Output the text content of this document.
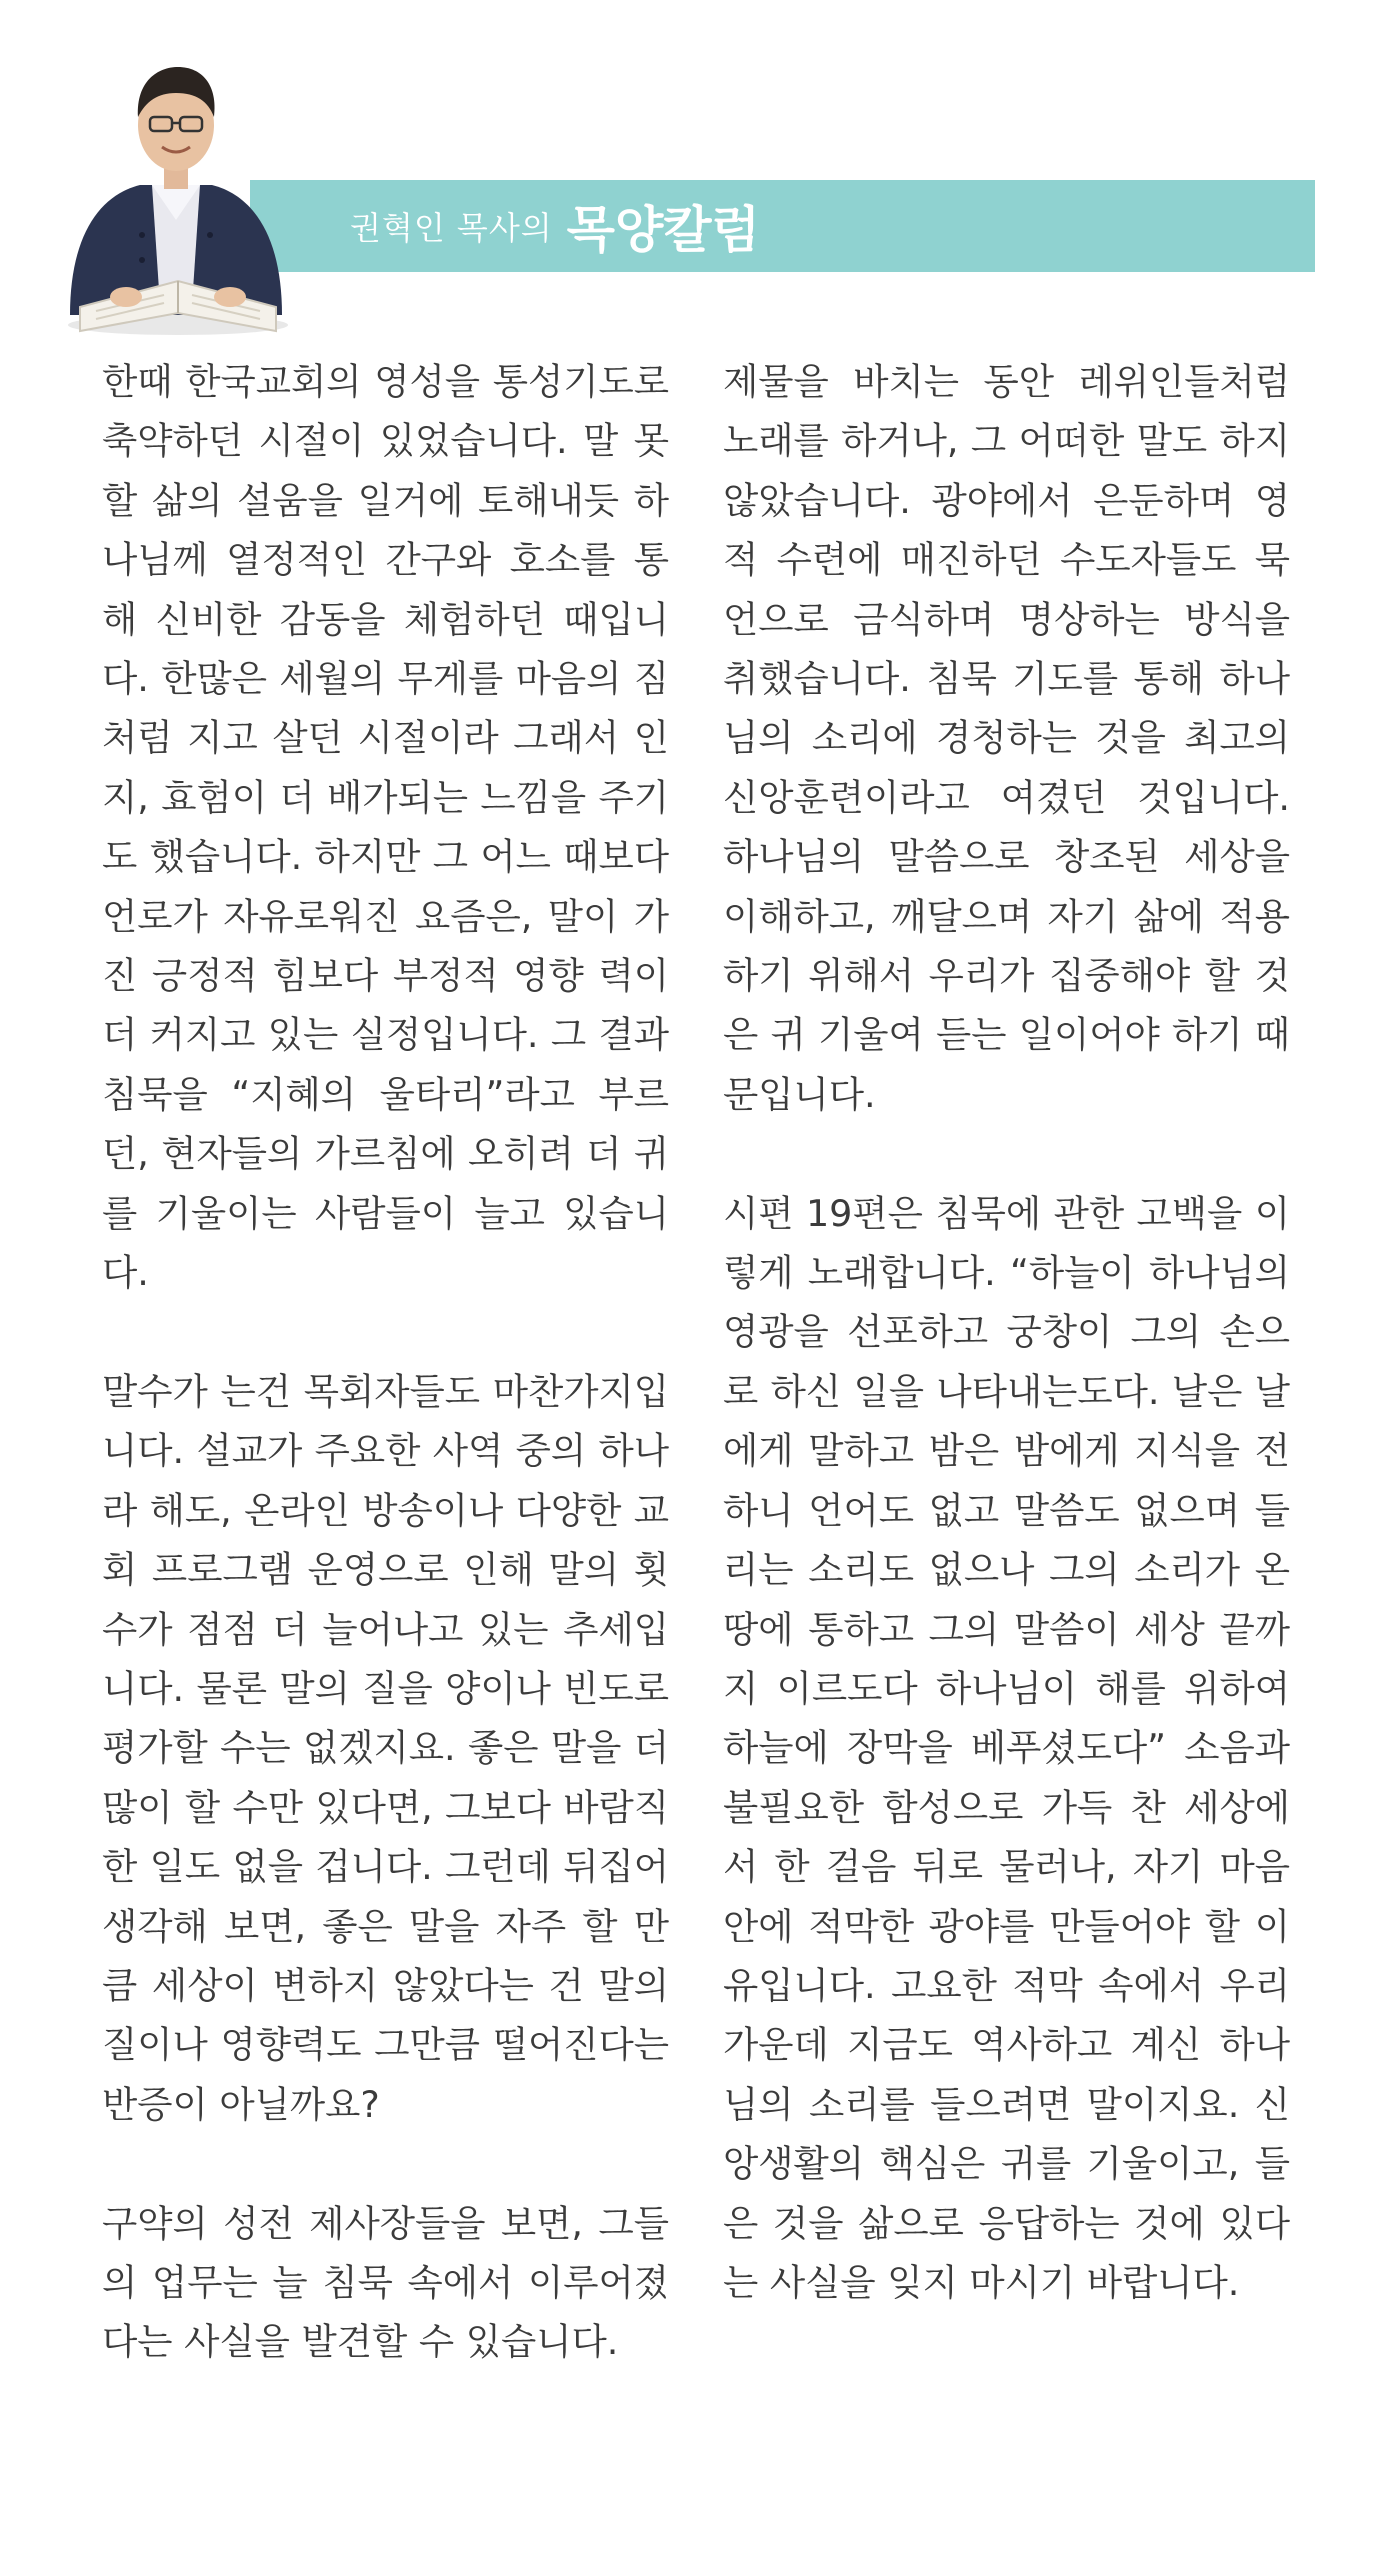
권혁인 목사의 목양칼럼

한때 한국교회의 영성을 통성기도로 축약하던 시절이 있었습니다. 말 못할 삶의 설움을 일거에 토해내듯 하나님께 열정적인 간구와 호소를 통해 신비한 감동을 체험하던 때입니다. 한많은 세월의 무게를 마음의 짐처럼 지고 살던 시절이라 그래서 인지, 효험이 더 배가되는 느낌을 주기도 했습니다. 하지만 그 어느 때보다 언로가 자유로워진 요즘은, 말이 가진 긍정적 힘보다 부정적 영향 력이 더 커지고 있는 실정입니다. 그 결과 침묵을 “지혜의 울타리”라고 부르던, 현자들의 가르침에 오히려 더 귀를 기울이는 사람들이 늘고 있습니다.

말수가 는건 목회자들도 마찬가지입니다. 설교가 주요한 사역 중의 하나라 해도, 온라인 방송이나 다양한 교회 프로그램 운영으로 인해 말의 횟수가 점점 더 늘어나고 있는 추세입니다. 물론 말의 질을 양이나 빈도로 평가할 수는 없겠지요. 좋은 말을 더 많이 할 수만 있다면, 그보다 바람직한 일도 없을 겁니다. 그런데 뒤집어 생각해 보면, 좋은 말을 자주 할 만큼 세상이 변하지 않았다는 건 말의 질이나 영향력도 그만큼 떨어진다는 반증이 아닐까요?

구약의 성전 제사장들을 보면, 그들의 업무는 늘 침묵 속에서 이루어졌다는 사실을 발견할 수 있습니다.

제물을 바치는 동안 레위인들처럼 노래를 하거나, 그 어떠한 말도 하지 않았습니다. 광야에서 은둔하며 영적 수련에 매진하던 수도자들도 묵언으로 금식하며 명상하는 방식을 취했습니다. 침묵 기도를 통해 하나님의 소리에 경청하는 것을 최고의 신앙훈련이라고 여겼던 것입니다. 하나님의 말씀으로 창조된 세상을 이해하고, 깨달으며 자기 삶에 적용하기 위해서 우리가 집중해야 할 것은 귀 기울여 듣는 일이어야 하기 때문입니다.

시편 19편은 침묵에 관한 고백을 이렇게 노래합니다. “하늘이 하나님의 영광을 선포하고 궁창이 그의 손으로 하신 일을 나타내는도다. 날은 날에게 말하고 밤은 밤에게 지식을 전하니 언어도 없고 말씀도 없으며 들리는 소리도 없으나 그의 소리가 온 땅에 통하고 그의 말씀이 세상 끝까지 이르도다 하나님이 해를 위하여 하늘에 장막을 베푸셨도다” 소음과 불필요한 함성으로 가득 찬 세상에서 한 걸음 뒤로 물러나, 자기 마음 안에 적막한 광야를 만들어야 할 이유입니다. 고요한 적막 속에서 우리 가운데 지금도 역사하고 계신 하나님의 소리를 들으려면 말이지요. 신앙생활의 핵심은 귀를 기울이고, 들은 것을 삶으로 응답하는 것에 있다는 사실을 잊지 마시기 바랍니다.
